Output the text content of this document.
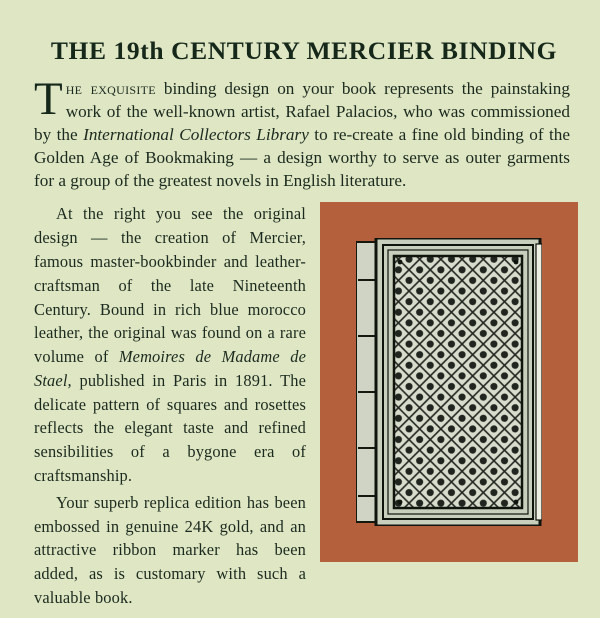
THE 19th CENTURY MERCIER BINDING

The exquisite binding design on your book represents the painstaking work of the well-known artist, Rafael Palacios, who was commissioned by the International Collectors Library to re-create a fine old binding of the Golden Age of Bookmaking — a design worthy to serve as outer garments for a group of the greatest novels in English literature.

At the right you see the original design — the creation of Mercier, famous master-bookbinder and leather-craftsman of the late Nineteenth Century. Bound in rich blue morocco leather, the original was found on a rare volume of Memoires de Madame de Stael, published in Paris in 1891. The delicate pattern of squares and rosettes reflects the elegant taste and refined sensibilities of a bygone era of craftsmanship.

Your superb replica edition has been embossed in genuine 24K gold, and an attractive ribbon marker has been added, as is customary with such a valuable book.
